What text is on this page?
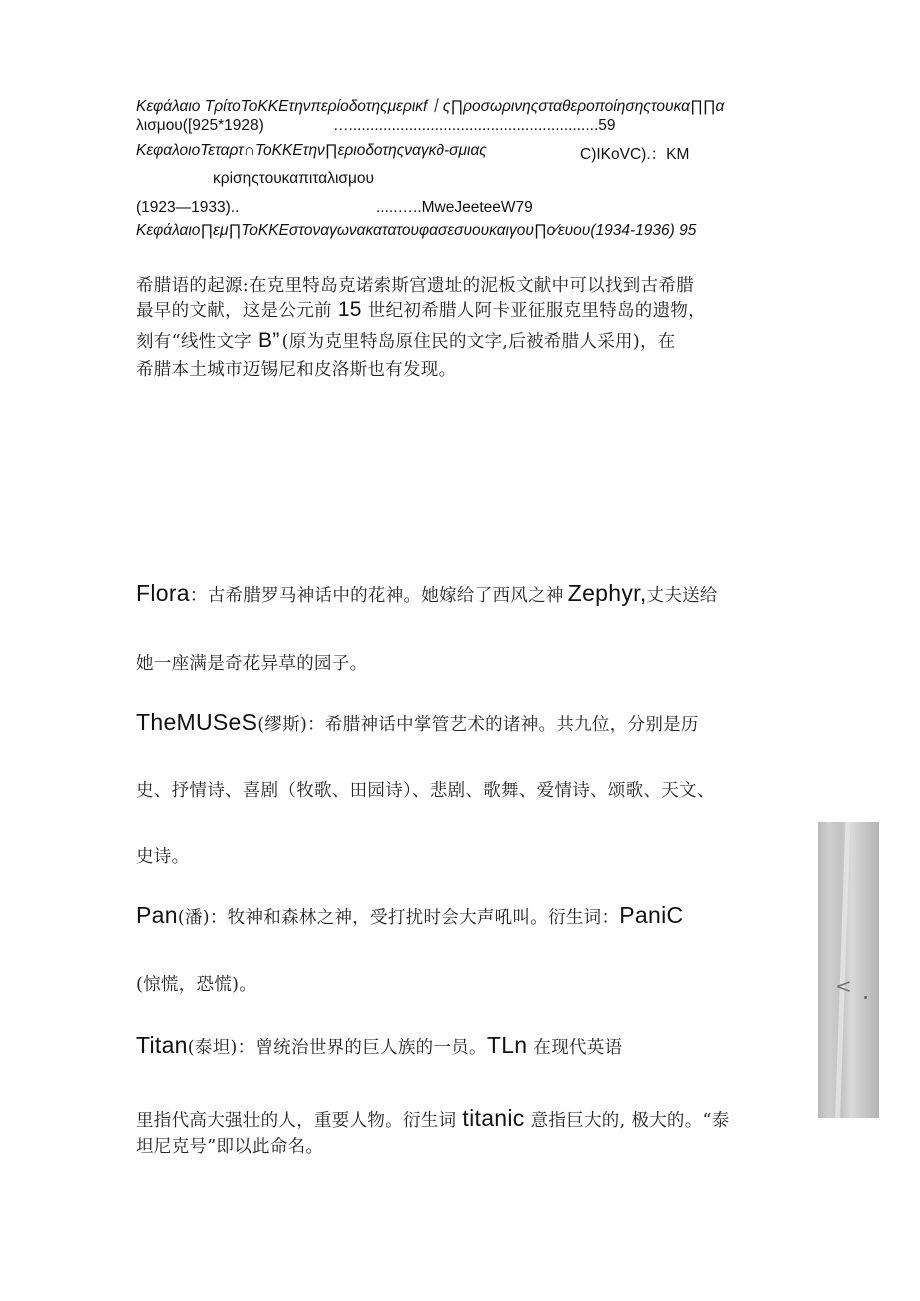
Κεφάλαιο ΤρίτοΤοΚΚΕτηνπερίοδοτηςμερικf丨ς∏ροσωρινηςσταθεροποίησηςτουκα∏∏α
λισμου([925*1928)	…..........................................................59
ΚεφαλοιοΤεταρτ∩ΤοΚΚΕτην∏εριοδοτηςναγκ∂-σμιας	C)IKoVC).：KM
κρiσηςτουκαπιταλισμου
(1923—1933)..	.....…..MweJeeteeW79
Κεφάλαιο∏εμ∏ΤοΚΚΕστοναγωνακατατουφασεσυουκαιγου∏ο⁄ευου(1934-1936) 95
希腊语的起源:在克里特岛克诺索斯宫遗址的泥板文献中可以找到古希腊
最早的文献，这是公元前 15 世纪初希腊人阿卡亚征服克里特岛的遗物，
刻有“线性文字 B” (原为克里特岛原住民的文字,后被希腊人采用)，在
希腊本土城市迈锡尼和皮洛斯也有发现。
Flora：古希腊罗马神话中的花神。她嫁给了西风之神 Zephyr,丈夫送给
她一座满是奇花异草的园子。
TheMUSeS(缪斯)：希腊神话中掌管艺术的诸神。共九位，分别是历
史、抒情诗、喜剧（牧歌、田园诗）、悲剧、歌舞、爱情诗、颂歌、天文、
史诗。
Pan(潘)：牧神和森林之神，受打扰时会大声吼叫。衍生词：PaniC
(惊慌，恐慌)。
Titan(泰坦)：曾统治世界的巨人族的一员。TLn 在现代英语
里指代高大强壮的人，重要人物。衍生词 titanic 意指巨大的, 极大的。“泰
坦尼克号”即以此命名。
<
